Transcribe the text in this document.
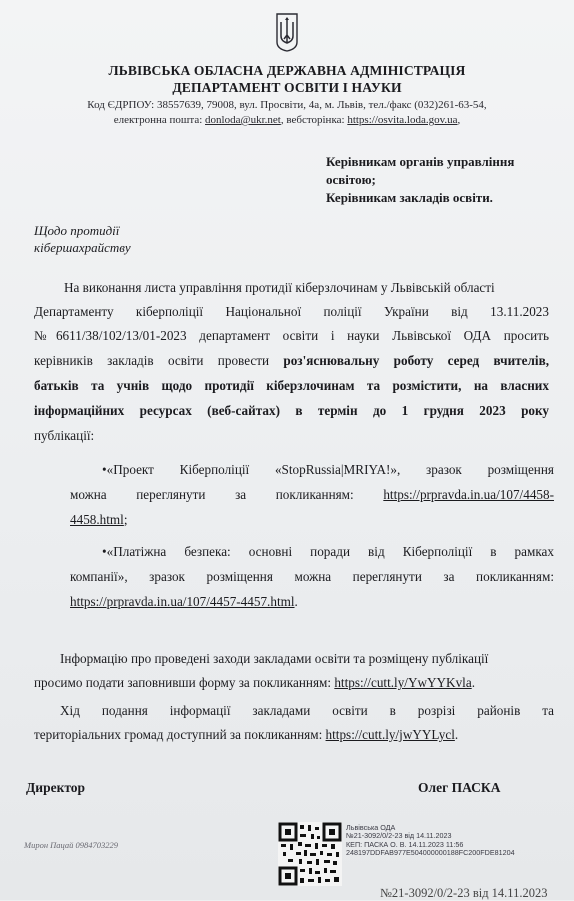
ЛЬВІВСЬКА ОБЛАСНА ДЕРЖАВНА АДМІНІСТРАЦІЯ
ДЕПАРТАМЕНТ ОСВІТИ І НАУКИ
Код ЄДРПОУ: 38557639, 79008, вул. Просвіти, 4а, м. Львів, тел./факс (032)261-63-54,
електронна пошта: donloda@ukr.net, вебсторінка: https://osvita.loda.gov.ua,
Керівникам органів управління
освітою;
Керівникам закладів освіти.
Щодо протидії
кібершахрайству
На виконання листа управління протидії кіберзлочинам у Львівській області
Департаменту кіберполіції Національної поліції України від 13.11.2023
№6611/38/102/13/01-2023 департамент освіти і науки Львівської ОДА просить
керівників закладів освіти провести роз'яснювальну роботу серед вчителів,
батьків та учнів щодо протидії кіберзлочинам та розмістити, на власних
інформаційних ресурсах (веб-сайтах) в термін до 1 грудня 2023 року
публікації:
•«Проект Кіберполіції «StopRussia|MRIYA!», зразок розміщення
можна переглянути за покликанням: https://prpravda.in.ua/107/4458-
4458.html;
•«Платіжна безпека: основні поради від Кіберполіції в рамках
компанії», зразок розміщення можна переглянути за покликанням:
https://prpravda.in.ua/107/4457-4457.html.
Інформацію про проведені заходи закладами освіти та розміщену публікації
просимо подати заповнивши форму за покликанням: https://cutt.ly/YwYYKvla.
Хід подання інформації закладами освіти в розрізі районів та
територіальних громад доступний за покликанням: https://cutt.ly/jwYYLycl.
Директор	Олег ПАСКА
Мирон Пацай 0984703229
Львівська ОДА
№21-3092/0/2-23 від 14.11.2023
КЕП: ПАСКА О. В. 14.11.2023 11:56
248197DDFAB977E504000000188FC200FDE81204
№21-3092/0/2-23 від 14.11.2023
